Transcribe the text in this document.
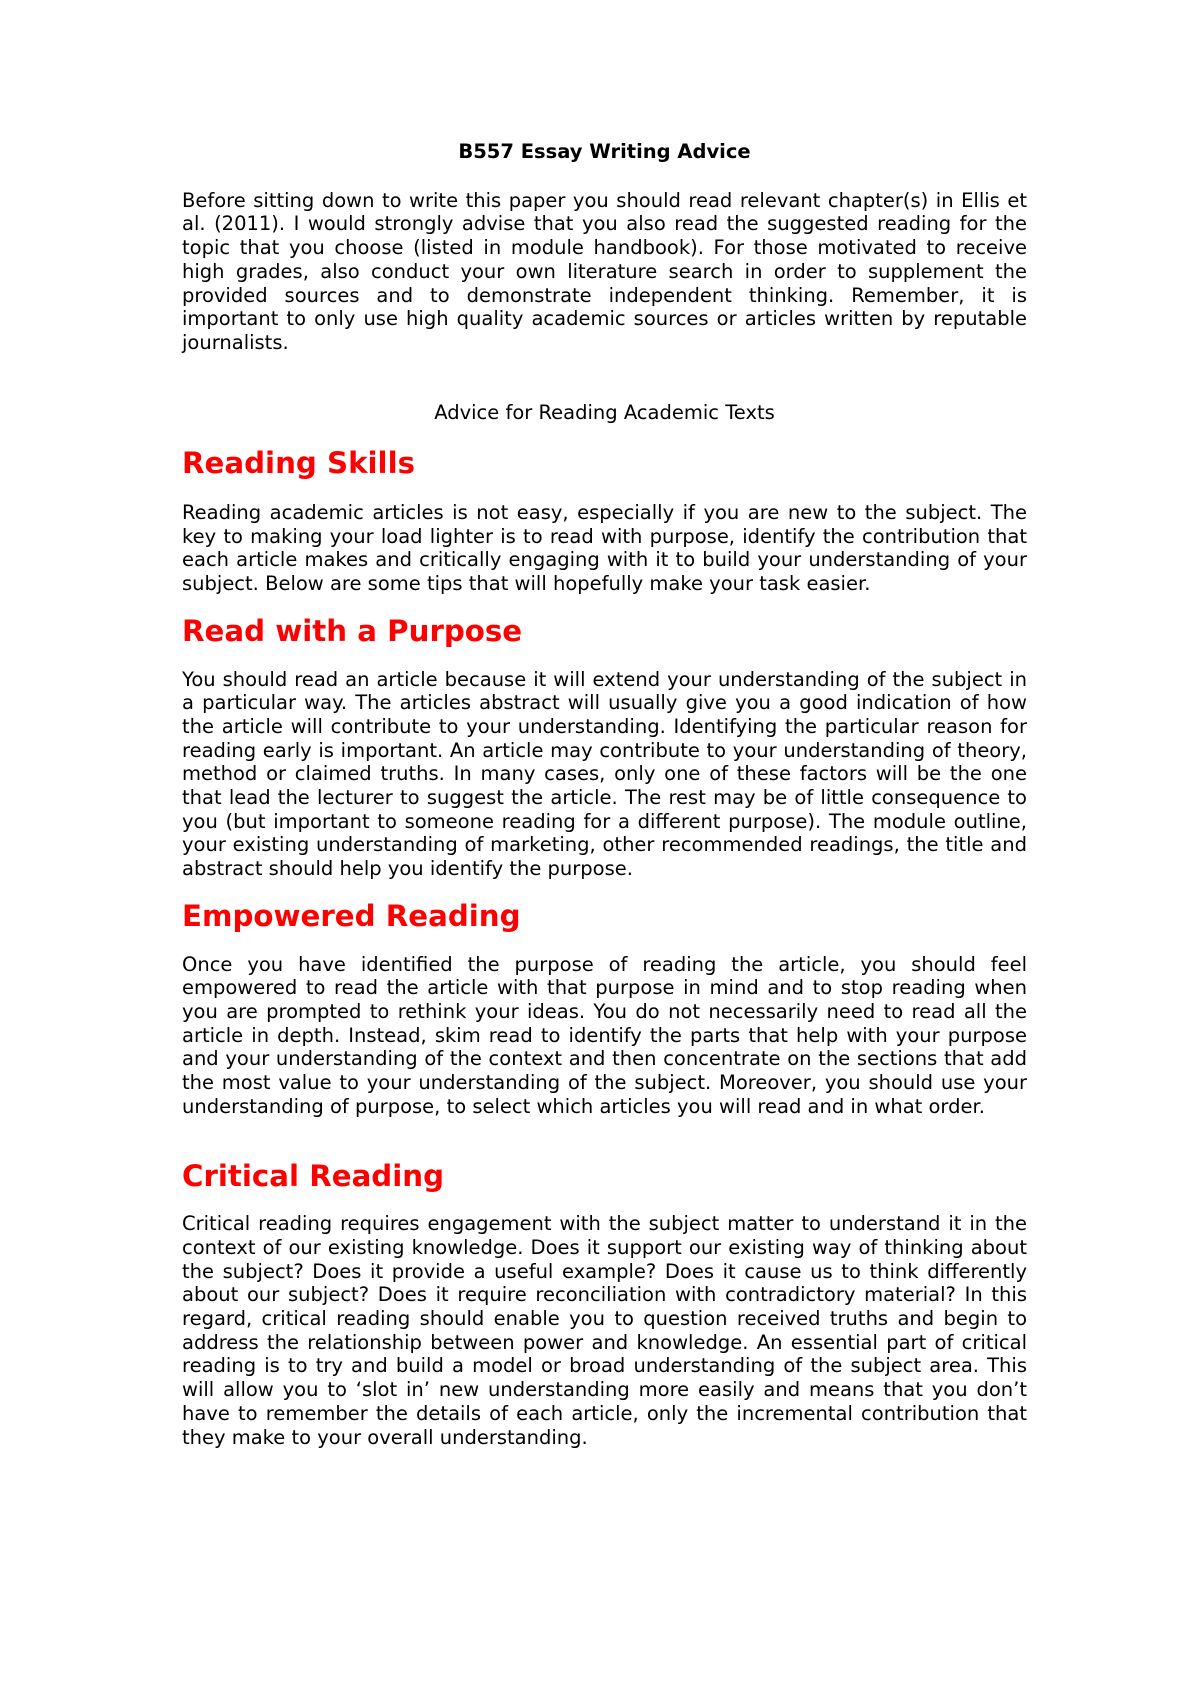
B557 Essay Writing Advice

Before sitting down to write this paper you should read relevant chapter(s) in Ellis et al. (2011). I would strongly advise that you also read the suggested reading for the topic that you choose (listed in module handbook). For those motivated to receive high grades, also conduct your own literature search in order to supplement the provided sources and to demonstrate independent thinking. Remember, it is important to only use high quality academic sources or articles written by reputable journalists.

Advice for Reading Academic Texts

Reading Skills

Reading academic articles is not easy, especially if you are new to the subject. The key to making your load lighter is to read with purpose, identify the contribution that each article makes and critically engaging with it to build your understanding of your subject. Below are some tips that will hopefully make your task easier.

Read with a Purpose

You should read an article because it will extend your understanding of the subject in a particular way. The articles abstract will usually give you a good indication of how the article will contribute to your understanding. Identifying the particular reason for reading early is important. An article may contribute to your understanding of theory, method or claimed truths. In many cases, only one of these factors will be the one that lead the lecturer to suggest the article. The rest may be of little consequence to you (but important to someone reading for a different purpose). The module outline, your existing understanding of marketing, other recommended readings, the title and abstract should help you identify the purpose.

Empowered Reading

Once you have identified the purpose of reading the article, you should feel empowered to read the article with that purpose in mind and to stop reading when you are prompted to rethink your ideas. You do not necessarily need to read all the article in depth. Instead, skim read to identify the parts that help with your purpose and your understanding of the context and then concentrate on the sections that add the most value to your understanding of the subject. Moreover, you should use your understanding of purpose, to select which articles you will read and in what order.

Critical Reading

Critical reading requires engagement with the subject matter to understand it in the context of our existing knowledge. Does it support our existing way of thinking about the subject? Does it provide a useful example? Does it cause us to think differently about our subject? Does it require reconciliation with contradictory material? In this regard, critical reading should enable you to question received truths and begin to address the relationship between power and knowledge. An essential part of critical reading is to try and build a model or broad understanding of the subject area. This will allow you to ‘slot in’ new understanding more easily and means that you don’t have to remember the details of each article, only the incremental contribution that they make to your overall understanding.
